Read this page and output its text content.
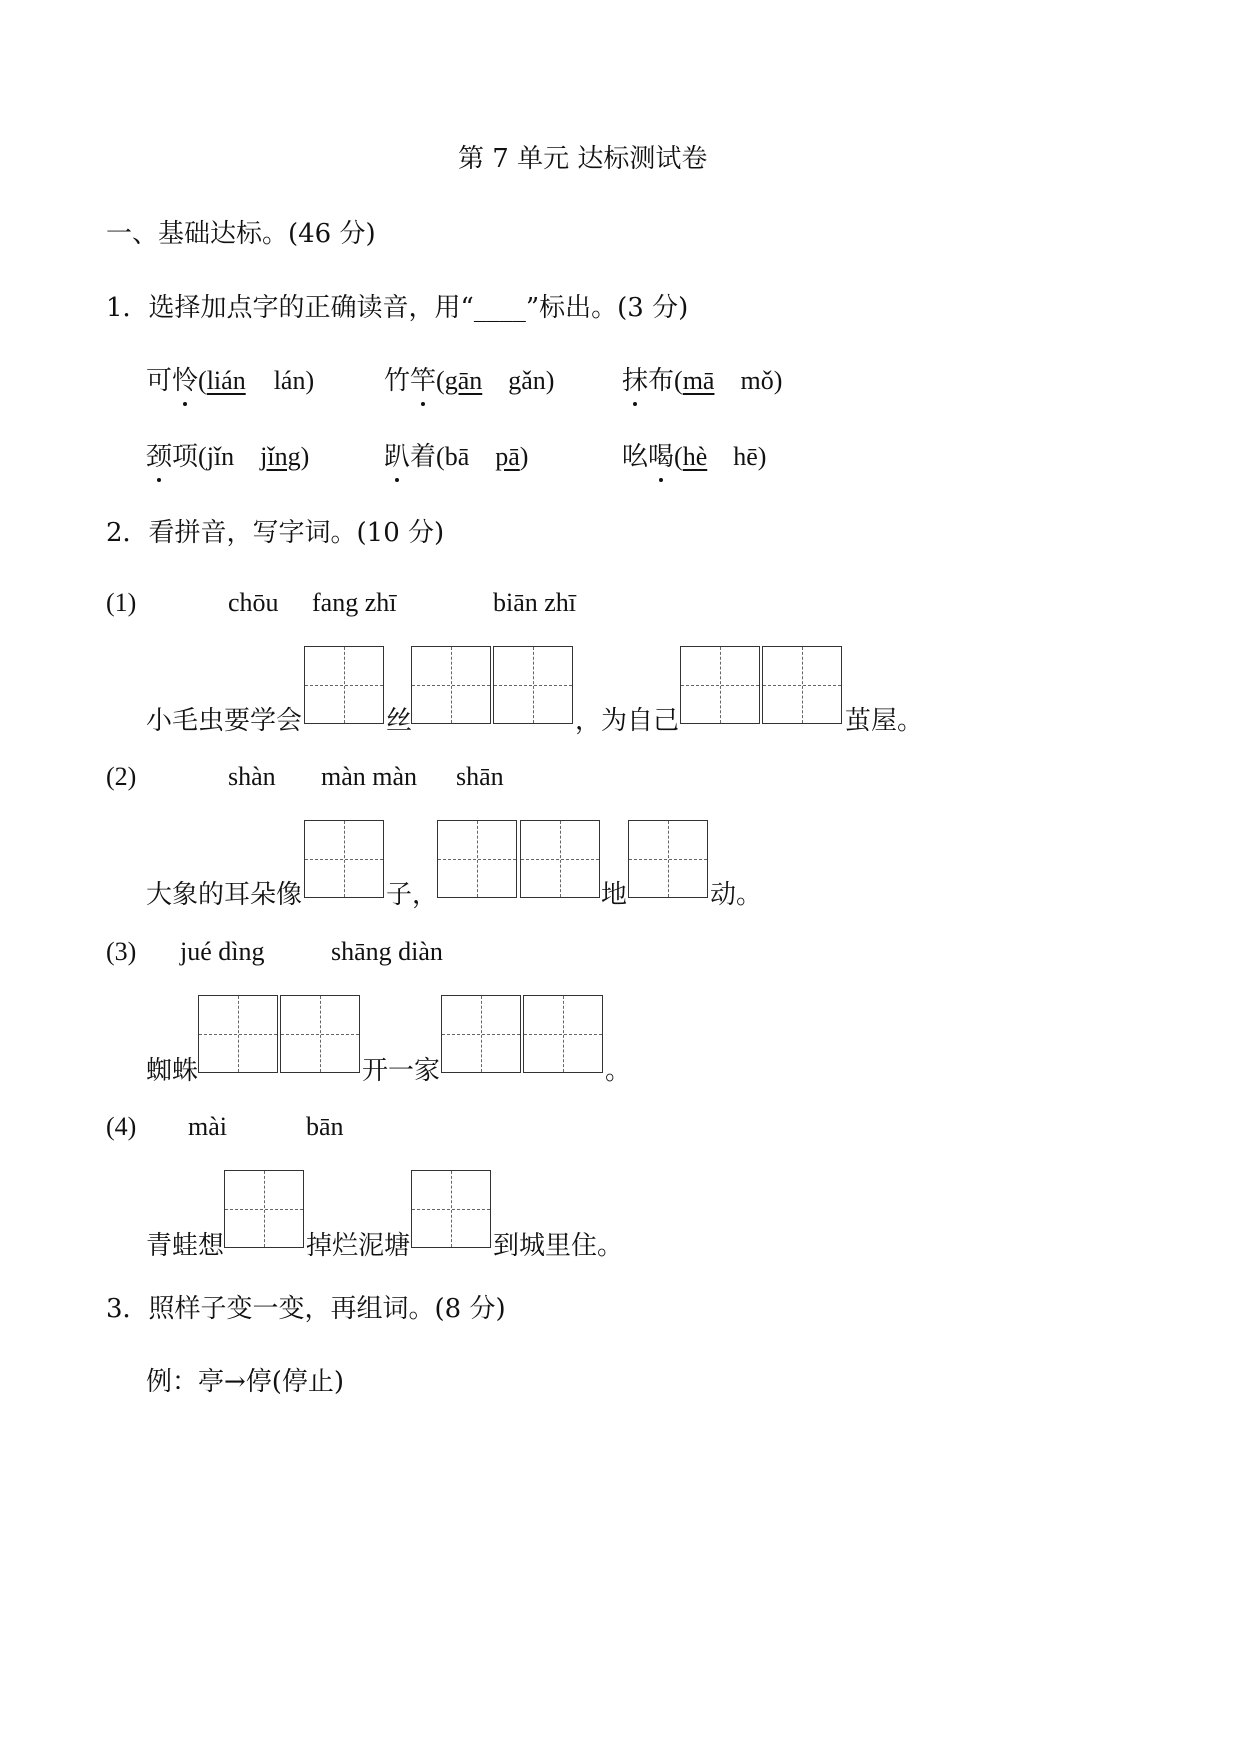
第 7 单元 达标测试卷
一、基础达标。(46 分)
1．选择加点字的正确读音，用“____”标出。(3 分)
可怜(lián lán)	竹竿(gān gǎn)	抹布(mā mǒ)
颈项(jǐn jǐng)	趴着(bā pā)	吆喝(hè hē)
2．看拼音，写字词。(10 分)
(1)	chōu fang zhī	biān zhī
小毛虫要学会	丝	，为自己	茧屋。
(2)	shàn màn màn shān
大象的耳朵像	子，	地	动。
(3) jué dìng	shāng diàn
蜘蛛	开一家	。
(4) mài	bān
青蛙想	掉烂泥塘	到城里住。
3．照样子变一变，再组词。(8 分)
例：亭→停(停止)
